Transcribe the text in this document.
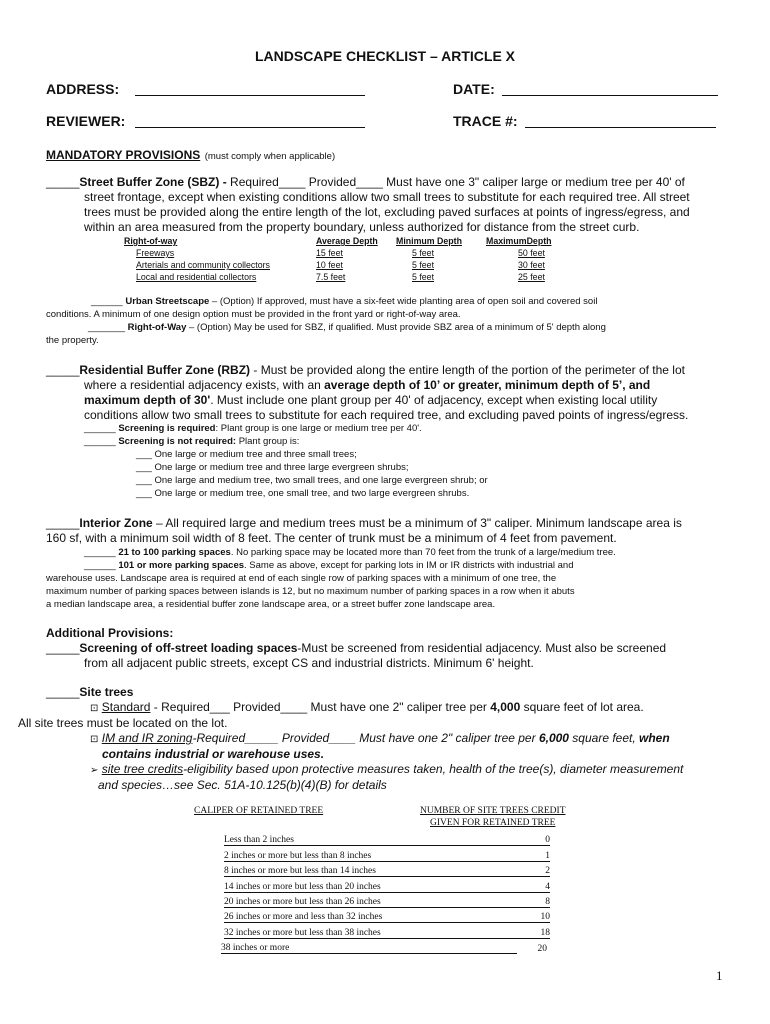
LANDSCAPE CHECKLIST – ARTICLE X
ADDRESS:	DATE:
REVIEWER:	TRACE #:
MANDATORY PROVISIONS (must comply when applicable)
_____ Street Buffer Zone (SBZ) - Required____ Provided____ Must have one 3" caliper large or medium tree per 40' of
street frontage, except when existing conditions allow two small trees to substitute for each required tree. All street
trees must be provided along the entire length of the lot, excluding paved surfaces at points of ingress/egress, and
within an area measured from the property boundary, unless authorized for distance from the street curb.
Right-of-way	Average Depth	Minimum Depth	MaximumDepth
Freeways	15 feet	5 feet	50 feet
Arterials and community collectors	10 feet	5 feet	30 feet
Local and residential collectors	7.5 feet	5 feet	25 feet
______ Urban Streetscape – (Option) If approved, must have a six-feet wide planting area of open soil and covered soil
conditions. A minimum of one design option must be provided in the front yard or right-of-way area.
_______ Right-of-Way – (Option) May be used for SBZ, if qualified. Must provide SBZ area of a minimum of 5' depth along
the property.
_____Residential Buffer Zone (RBZ) - Must be provided along the entire length of the portion of the perimeter of the lot
where a residential adjacency exists, with an average depth of 10’ or greater, minimum depth of 5’, and
maximum depth of 30'. Must include one plant group per 40' of adjacency, except when existing local utility
conditions allow two small trees to substitute for each required tree, and excluding paved points of ingress/egress.
______ Screening is required: Plant group is one large or medium tree per 40'.
______ Screening is not required: Plant group is:
___ One large or medium tree and three small trees;
___ One large or medium tree and three large evergreen shrubs;
___ One large and medium tree, two small trees, and one large evergreen shrub; or
___ One large or medium tree, one small tree, and two large evergreen shrubs.
_____Interior Zone – All required large and medium trees must be a minimum of 3" caliper. Minimum landscape area is
160 sf, with a minimum soil width of 8 feet. The center of trunk must be a minimum of 4 feet from pavement.
______ 21 to 100 parking spaces. No parking space may be located more than 70 feet from the trunk of a large/medium tree.
______ 101 or more parking spaces. Same as above, except for parking lots in IM or IR districts with industrial and
warehouse uses. Landscape area is required at end of each single row of parking spaces with a minimum of one tree, the
maximum number of parking spaces between islands is 12, but no maximum number of parking spaces in a row when it abuts
a median landscape area, a residential buffer zone landscape area, or a street buffer zone landscape area.
Additional Provisions:
_____Screening of off-street loading spaces-Must be screened from residential adjacency. Must also be screened
from all adjacent public streets, except CS and industrial districts. Minimum 6' height.
_____Site trees
⊡ Standard - Required___ Provided____ Must have one 2" caliper tree per 4,000 square feet of lot area.
All site trees must be located on the lot.
⊡ IM and IR zoning-Required_____ Provided____ Must have one 2" caliper tree per 6,000 square feet, when
contains industrial or warehouse uses.
➢ site tree credits-eligibility based upon protective measures taken, health of the tree(s), diameter measurement
and species…see Sec. 51A-10.125(b)(4)(B) for details
CALIPER OF RETAINED TREE	NUMBER OF SITE TREES CREDIT
GIVEN FOR RETAINED TREE
Less than 2 inches	0
2 inches or more but less than 8 inches	1
8 inches or more but less than 14 inches	2
14 inches or more but less than 20 inches	4
20 inches or more but less than 26 inches	8
26 inches or more and less than 32 inches	10
32 inches or more but less than 38 inches	18
38 inches or more	20
1
